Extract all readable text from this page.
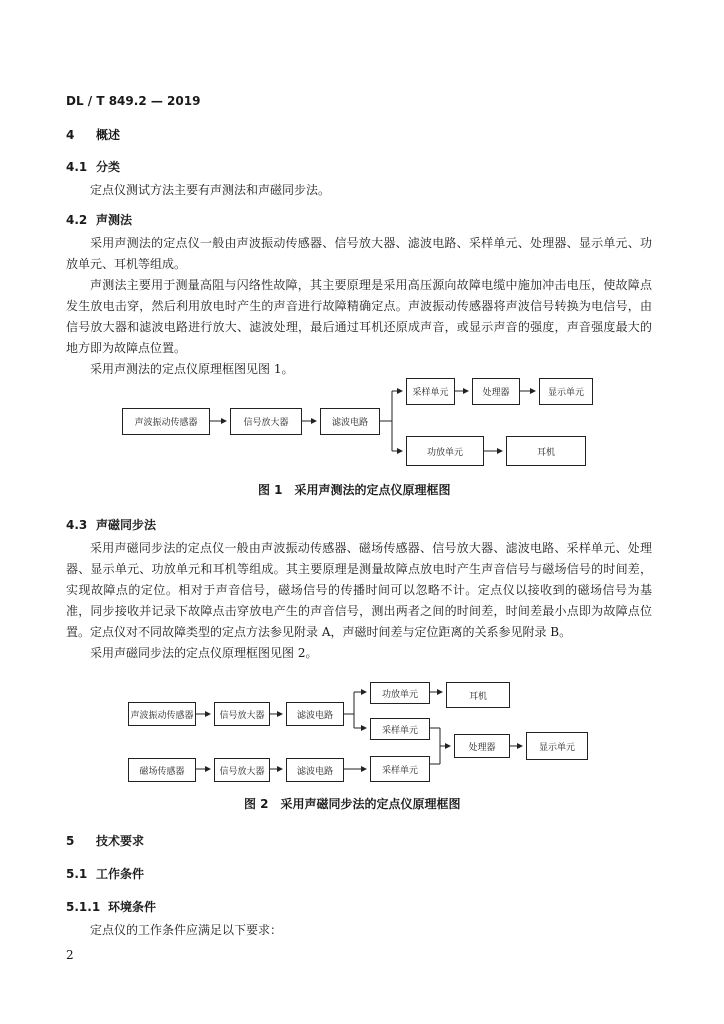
DL / T 849.2 — 2019
4 概述
4.1 分类

定点仪测试方法主要有声测法和声磁同步法。

4.2 声测法

采用声测法的定点仪一般由声波振动传感器、信号放大器、滤波电路、采样单元、处理器、显示单元、功放单元、耳机等组成。

声测法主要用于测量高阻与闪络性故障，其主要原理是采用高压源向故障电缆中施加冲击电压，使故障点发生放电击穿，然后利用放电时产生的声音进行故障精确定点。声波振动传感器将声波信号转换为电信号，由信号放大器和滤波电路进行放大、滤波处理，最后通过耳机还原成声音，或显示声音的强度，声音强度最大的地方即为故障点位置。

采用声测法的定点仪原理框图见图 1。

声波振动传感器	信号放大器	滤波电路
采样单元	处理器	显示单元
功放单元	耳机
图 1　采用声测法的定点仪原理框图
4.3 声磁同步法

采用声磁同步法的定点仪一般由声波振动传感器、磁场传感器、信号放大器、滤波电路、采样单元、处理器、显示单元、功放单元和耳机等组成。其主要原理是测量故障点放电时产生声音信号与磁场信号的时间差，实现故障点的定位。相对于声音信号，磁场信号的传播时间可以忽略不计。定点仪以接收到的磁场信号为基准，同步接收并记录下故障点击穿放电产生的声音信号，测出两者之间的时间差，时间差最小点即为故障点位置。定点仪对不同故障类型的定点方法参见附录 A，声磁时间差与定位距离的关系参见附录 B。

采用声磁同步法的定点仪原理框图见图 2。

声波振动传感器	信号放大器	滤波电路
功放单元	耳机
采样单元
处理器	显示单元
磁场传感器	信号放大器	滤波电路	采样单元
图 2　采用声磁同步法的定点仪原理框图
5 技术要求
5.1 工作条件
5.1.1 环境条件

定点仪的工作条件应满足以下要求：

2
